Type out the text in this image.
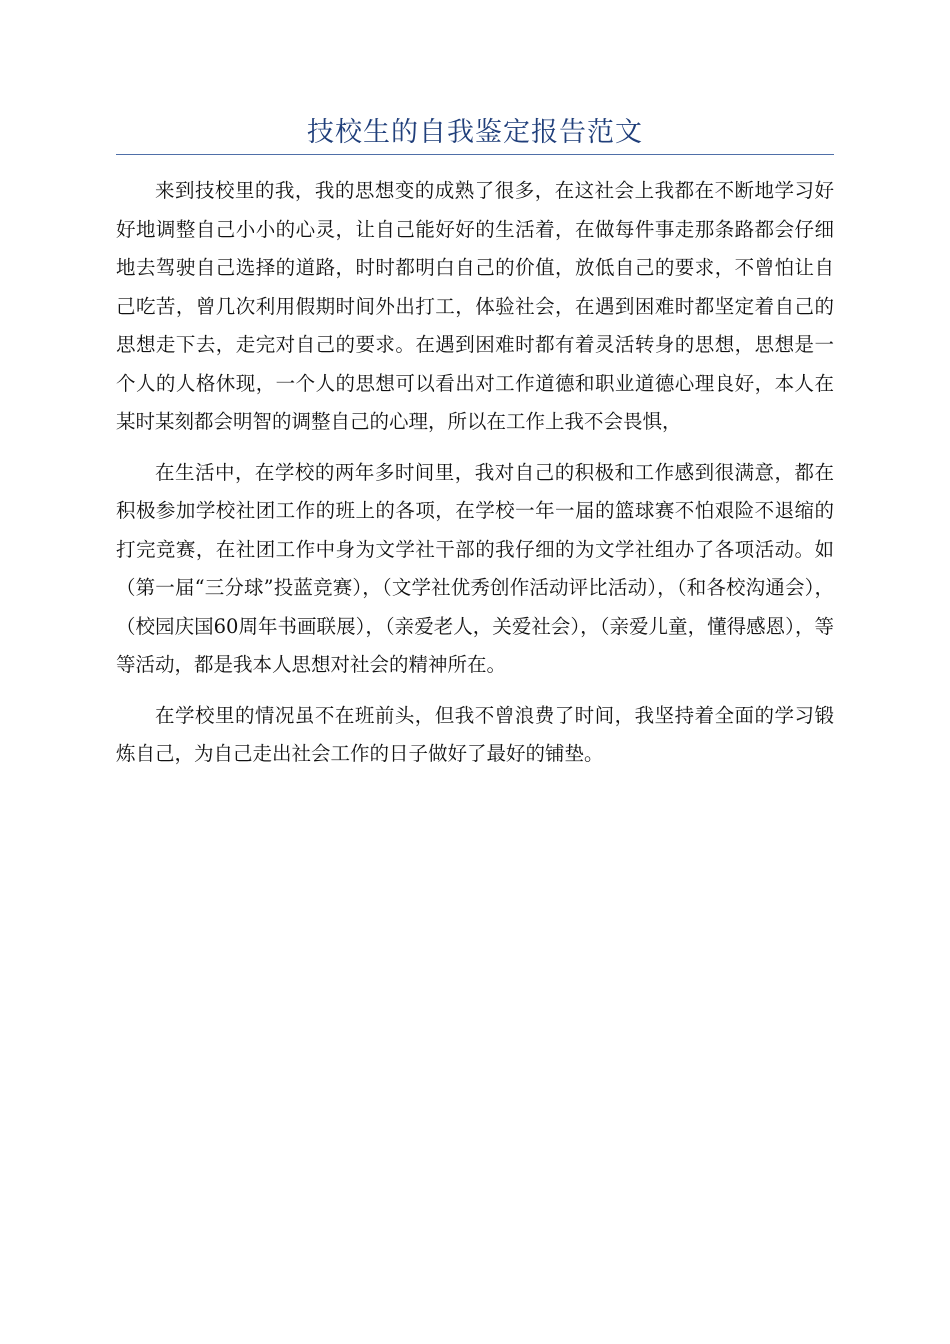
技校生的自我鉴定报告范文

来到技校里的我，我的思想变的成熟了很多，在这社会上我都在不断地学习好好地调整自己小小的心灵，让自己能好好的生活着，在做每件事走那条路都会仔细地去驾驶自己选择的道路，时时都明白自己的价值，放低自己的要求，不曾怕让自己吃苦，曾几次利用假期时间外出打工，体验社会，在遇到困难时都坚定着自己的思想走下去，走完对自己的要求。在遇到困难时都有着灵活转身的思想，思想是一个人的人格休现，一个人的思想可以看出对工作道德和职业道德心理良好，本人在某时某刻都会明智的调整自己的心理，所以在工作上我不会畏惧，

在生活中，在学校的两年多时间里，我对自己的积极和工作感到很满意，都在积极参加学校社团工作的班上的各项，在学校一年一届的篮球赛不怕艰险不退缩的打完竞赛，在社团工作中身为文学社干部的我仔细的为文学社组办了各项活动。如（第一届“三分球”投蓝竞赛），（文学社优秀创作活动评比活动），（和各校沟通会），（校园庆国60周年书画联展），（亲爱老人，关爱社会），（亲爱儿童，懂得感恩），等等活动，都是我本人思想对社会的精神所在。

在学校里的情况虽不在班前头，但我不曾浪费了时间，我坚持着全面的学习锻炼自己，为自己走出社会工作的日子做好了最好的铺垫。
